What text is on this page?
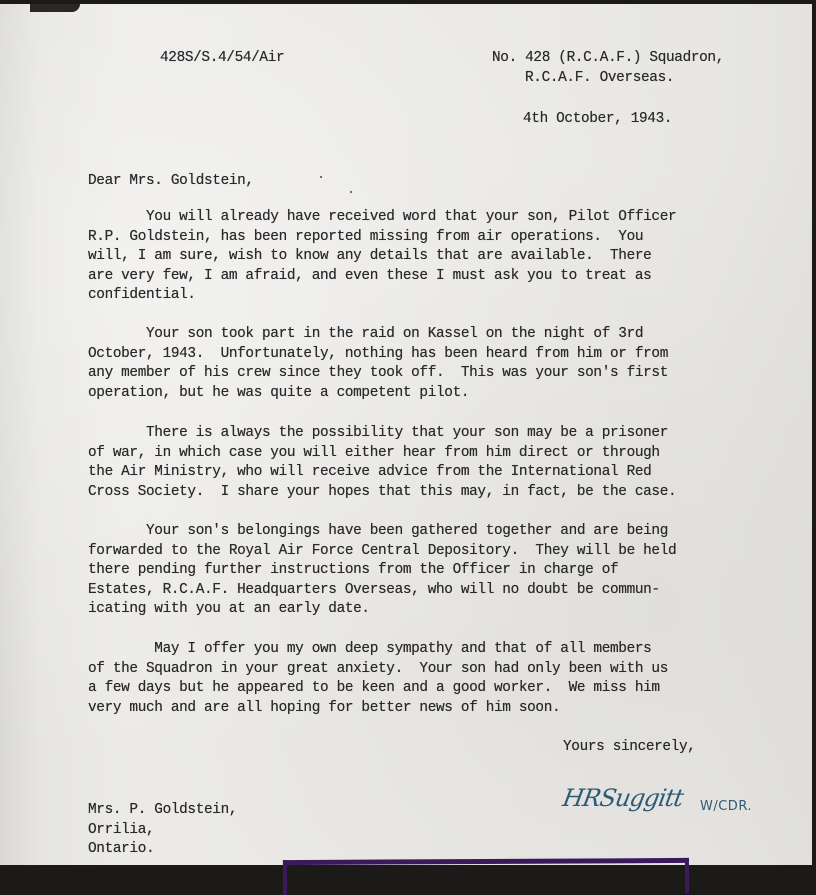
428S/S.4/54/Air	No. 428 (R.C.A.F.) Squadron,

R.C.A.F. Overseas.

4th October, 1943.

Dear Mrs. Goldstein,

You will already have received word that your son, Pilot Officer
R.P. Goldstein, has been reported missing from air operations.  You
will, I am sure, wish to know any details that are available.  There
are very few, I am afraid, and even these I must ask you to treat as
confidential.
Your son took part in the raid on Kassel on the night of 3rd
October, 1943.  Unfortunately, nothing has been heard from him or from
any member of his crew since they took off.  This was your son's first
operation, but he was quite a competent pilot.
There is always the possibility that your son may be a prisoner
of war, in which case you will either hear from him direct or through
the Air Ministry, who will receive advice from the International Red
Cross Society.  I share your hopes that this may, in fact, be the case.
Your son's belongings have been gathered together and are being
forwarded to the Royal Air Force Central Depository.  They will be held
there pending further instructions from the Officer in charge of
Estates, R.C.A.F. Headquarters Overseas, who will no doubt be commun-
icating with you at an early date.
May I offer you my own deep sympathy and that of all members
of the Squadron in your great anxiety.  Your son had only been with us
a few days but he appeared to be keen and a good worker.  We miss him
very much and are all hoping for better news of him soon.

Yours sincerely,

HRSuggitt W/CDR.
Mrs. P. Goldstein,
Orrilia,
Ontario.
